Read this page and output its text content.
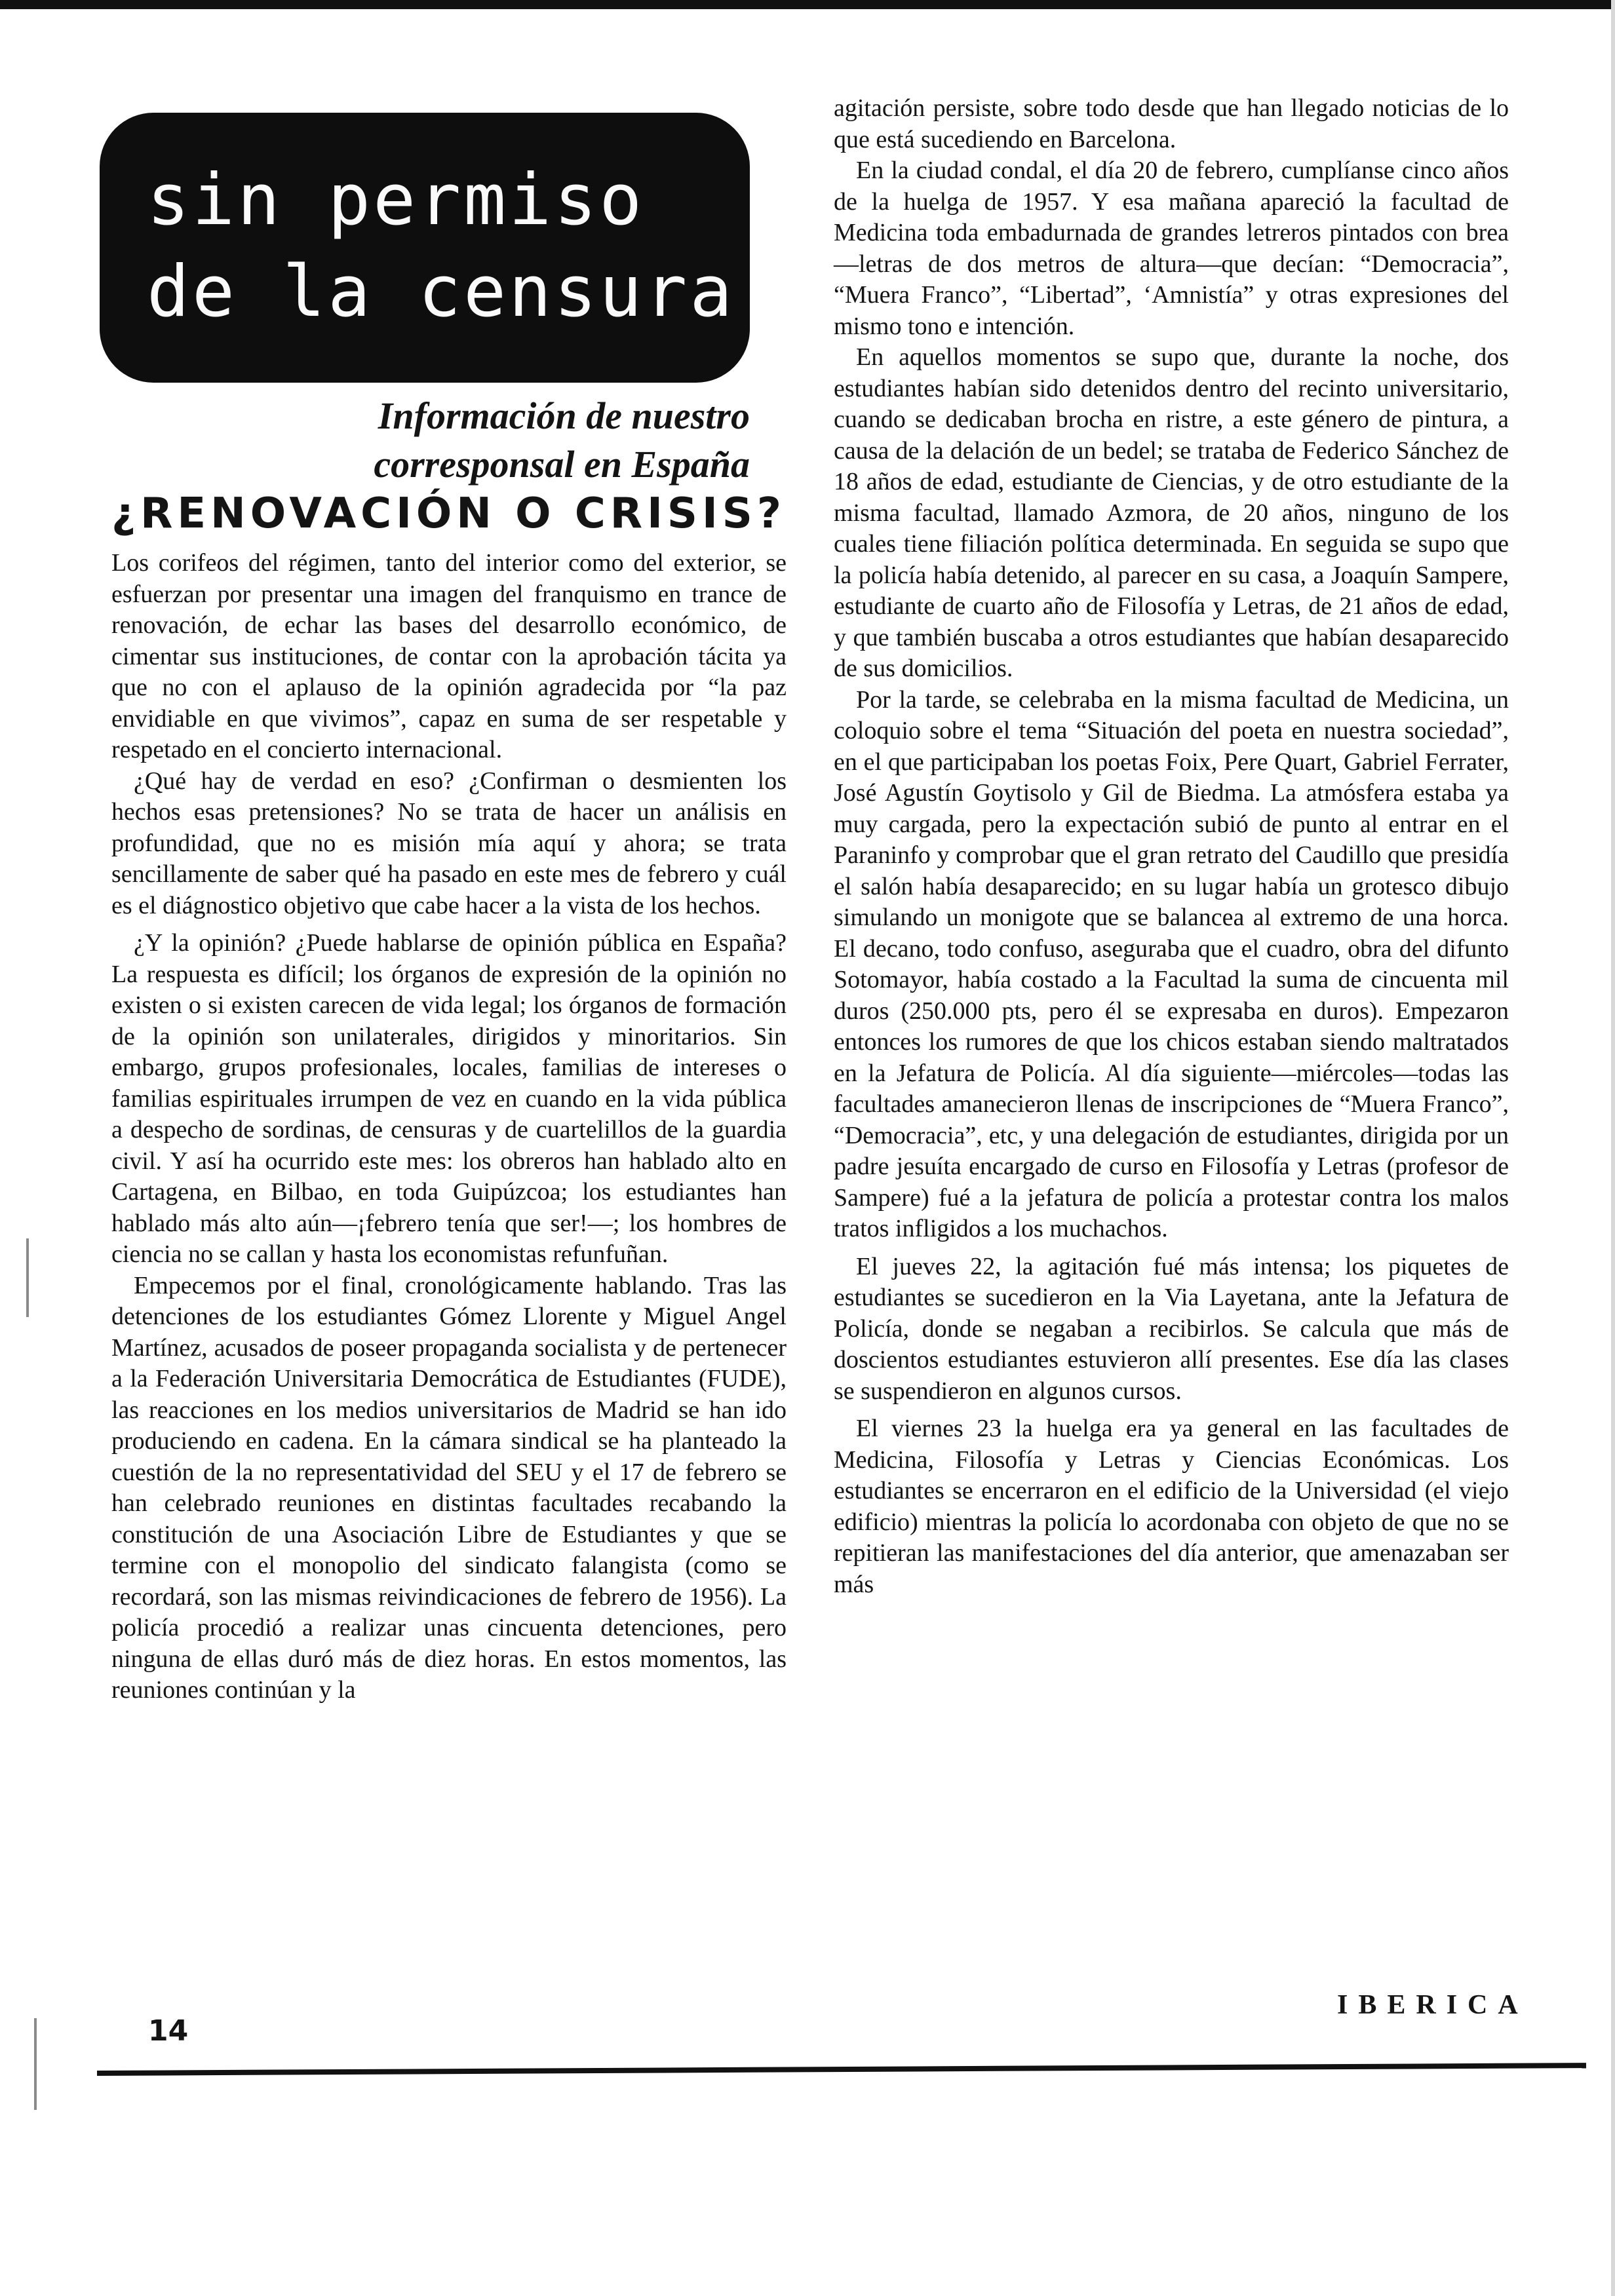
sin permiso
de la censura
Información de nuestro
corresponsal en España
¿RENOVACIÓN O CRISIS?

Los corifeos del régimen, tanto del interior como del exterior, se esfuerzan por presentar una imagen del franquismo en trance de renovación, de echar las bases del desarrollo económico, de cimentar sus instituciones, de contar con la aprobación tácita ya que no con el aplauso de la opinión agradecida por “la paz envidiable en que vivimos”, capaz en suma de ser respetable y respetado en el concierto internacional.

¿Qué hay de verdad en eso? ¿Confirman o desmienten los hechos esas pretensiones? No se trata de hacer un análisis en profundidad, que no es misión mía aquí y ahora; se trata sencillamente de saber qué ha pasado en este mes de febrero y cuál es el diágnostico objetivo que cabe hacer a la vista de los hechos.

¿Y la opinión? ¿Puede hablarse de opinión pública en España? La respuesta es difícil; los órganos de expresión de la opinión no existen o si existen carecen de vida legal; los órganos de formación de la opinión son unilaterales, dirigidos y minoritarios. Sin embargo, grupos profesionales, locales, familias de intereses o familias espirituales irrumpen de vez en cuando en la vida pública a despecho de sordinas, de censuras y de cuartelillos de la guardia civil. Y así ha ocurrido este mes: los obreros han hablado alto en Cartagena, en Bilbao, en toda Guipúzcoa; los estudiantes han hablado más alto aún—¡febrero tenía que ser!—; los hombres de ciencia no se callan y hasta los economistas refunfuñan.

Empecemos por el final, cronológicamente hablando. Tras las detenciones de los estudiantes Gómez Llorente y Miguel Angel Martínez, acusados de poseer propaganda socialista y de pertenecer a la Federación Universitaria Democrática de Estudiantes (FUDE), las reacciones en los medios universitarios de Madrid se han ido produciendo en cadena. En la cámara sindical se ha planteado la cuestión de la no representatividad del SEU y el 17 de febrero se han celebrado reuniones en distintas facultades recabando la constitución de una Asociación Libre de Estudiantes y que se termine con el monopolio del sindicato falangista (como se recordará, son las mismas reivindicaciones de febrero de 1956). La policía procedió a realizar unas cincuenta detenciones, pero ninguna de ellas duró más de diez horas. En estos momentos, las reuniones continúan y la

agitación persiste, sobre todo desde que han llegado noticias de lo que está sucediendo en Barcelona.

En la ciudad condal, el día 20 de febrero, cumplíanse cinco años de la huelga de 1957. Y esa mañana apareció la facultad de Medicina toda embadurnada de grandes letreros pintados con brea—letras de dos metros de altura—que decían: “Democracia”, “Muera Franco”, “Libertad”, ‘Amnistía” y otras expresiones del mismo tono e intención.

En aquellos momentos se supo que, durante la noche, dos estudiantes habían sido detenidos dentro del recinto universitario, cuando se dedicaban brocha en ristre, a este género de pintura, a causa de la delación de un bedel; se trataba de Federico Sánchez de 18 años de edad, estudiante de Ciencias, y de otro estudiante de la misma facultad, llamado Azmora, de 20 años, ninguno de los cuales tiene filiación política determinada. En seguida se supo que la policía había detenido, al parecer en su casa, a Joaquín Sampere, estudiante de cuarto año de Filosofía y Letras, de 21 años de edad, y que también buscaba a otros estudiantes que habían desaparecido de sus domicilios.

Por la tarde, se celebraba en la misma facultad de Medicina, un coloquio sobre el tema “Situación del poeta en nuestra sociedad”, en el que participaban los poetas Foix, Pere Quart, Gabriel Ferrater, José Agustín Goytisolo y Gil de Biedma. La atmósfera estaba ya muy cargada, pero la expectación subió de punto al entrar en el Paraninfo y comprobar que el gran retrato del Caudillo que presidía el salón había desaparecido; en su lugar había un grotesco dibujo simulando un monigote que se balancea al extremo de una horca. El decano, todo confuso, aseguraba que el cuadro, obra del difunto Sotomayor, había costado a la Facultad la suma de cincuenta mil duros (250.000 pts, pero él se expresaba en duros). Empezaron entonces los rumores de que los chicos estaban siendo maltratados en la Jefatura de Policía. Al día siguiente—miércoles—todas las facultades amanecieron llenas de inscripciones de “Muera Franco”, “Democracia”, etc, y una delegación de estudiantes, dirigida por un padre jesuíta encargado de curso en Filosofía y Letras (profesor de Sampere) fué a la jefatura de policía a protestar contra los malos tratos infligidos a los muchachos.

El jueves 22, la agitación fué más intensa; los piquetes de estudiantes se sucedieron en la Via Layetana, ante la Jefatura de Policía, donde se negaban a recibirlos. Se calcula que más de doscientos estudiantes estuvieron allí presentes. Ese día las clases se suspendieron en algunos cursos.

El viernes 23 la huelga era ya general en las facultades de Medicina, Filosofía y Letras y Ciencias Económicas. Los estudiantes se encerraron en el edificio de la Universidad (el viejo edificio) mientras la policía lo acordonaba con objeto de que no se repitieran las manifestaciones del día anterior, que amenazaban ser más

14
IBERICA
